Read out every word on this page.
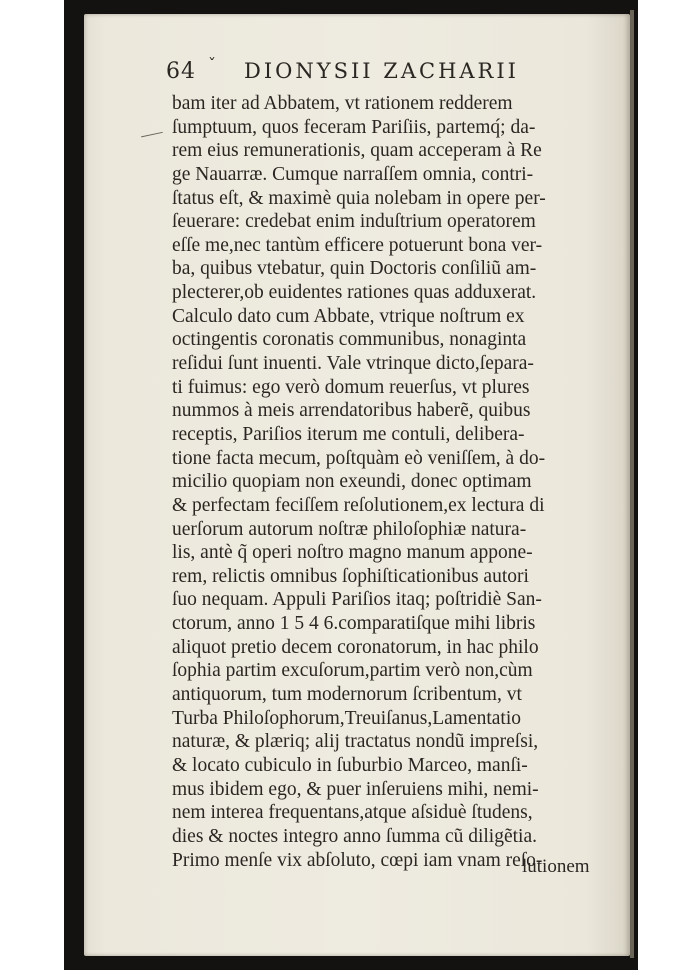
64 ˇ DIONYSII ZACHARII
bam iter ad Abbatem, vt rationem redderem
ſumptuum, quos feceram Pariſiis, partemq́; da-
rem eius remunerationis, quam acceperam à Re
ge Nauarræ. Cumque narraſſem omnia, contri-
ſtatus eſt, & maximè quia nolebam in opere per-
ſeuerare: credebat enim induſtrium operatorem
eſſe me,nec tantùm efficere potuerunt bona ver-
ba, quibus vtebatur, quin Doctoris conſiliũ am-
plecterer,ob euidentes rationes quas adduxerat.
Calculo dato cum Abbate, vtrique noſtrum ex
octingentis coronatis communibus, nonaginta
reſidui ſunt inuenti. Vale vtrinque dicto,ſepara-
ti fuimus: ego verò domum reuerſus, vt plures
nummos à meis arrendatoribus haberẽ, quibus
receptis, Pariſios iterum me contuli, delibera-
tione facta mecum, poſtquàm eò veniſſem, à do-
micilio quopiam non exeundi, donec optimam
& perfectam feciſſem reſolutionem,ex lectura di
uerſorum autorum noſtræ philoſophiæ natura-
lis, antè q̃ operi noſtro magno manum appone-
rem, relictis omnibus ſophiſticationibus autori
ſuo nequam. Appuli Pariſios itaq; poſtridiè San-
ctorum, anno 1 5 4 6.comparatiſque mihi libris
aliquot pretio decem coronatorum, in hac philo
ſophia partim excuſorum,partim verò non,cùm
antiquorum, tum modernorum ſcribentum, vt
Turba Philoſophorum,Treuiſanus,Lamentatio
naturæ, & plæriq; alij tractatus nondũ impreſsi,
& locato cubiculo in ſuburbio Marceo, manſi-
mus ibidem ego, & puer inſeruiens mihi, nemi-
nem interea frequentans,atque aſsiduè ſtudens,
dies & noctes integro anno ſumma cũ diligẽtia.
Primo menſe vix abſoluto, cœpi iam vnam reſo-
lutionem
